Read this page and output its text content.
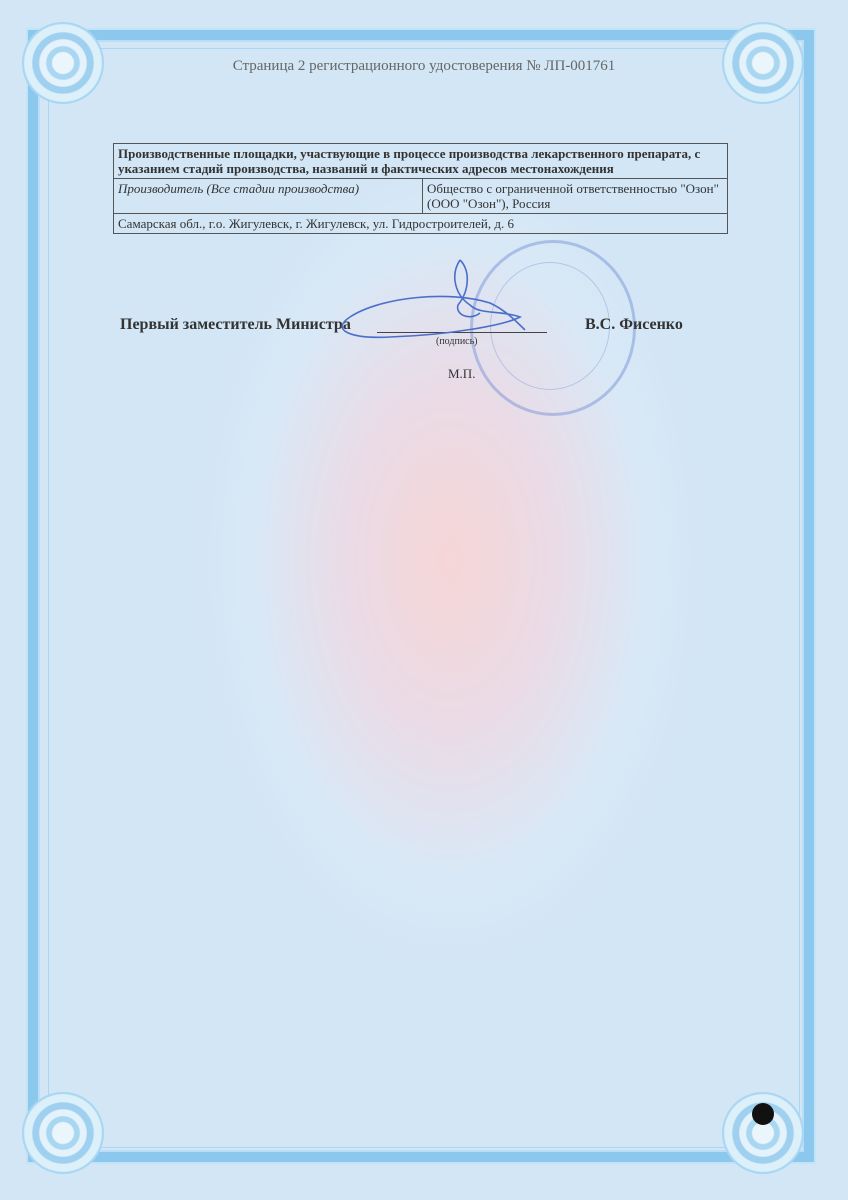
Страница 2 регистрационного удостоверения № ЛП-001761
Производственные площадки, участвующие в процессе производства лекарственного препарата, с указанием стадий производства, названий и фактических адресов местонахождения
Производитель (Все стадии производства)	Общество с ограниченной ответственностью "Озон" (ООО "Озон"), Россия
Самарская обл., г.о. Жигулевск, г. Жигулевск, ул. Гидростроителей, д. 6
Первый заместитель Министра	В.С. Фисенко
(подпись)
М.П.
